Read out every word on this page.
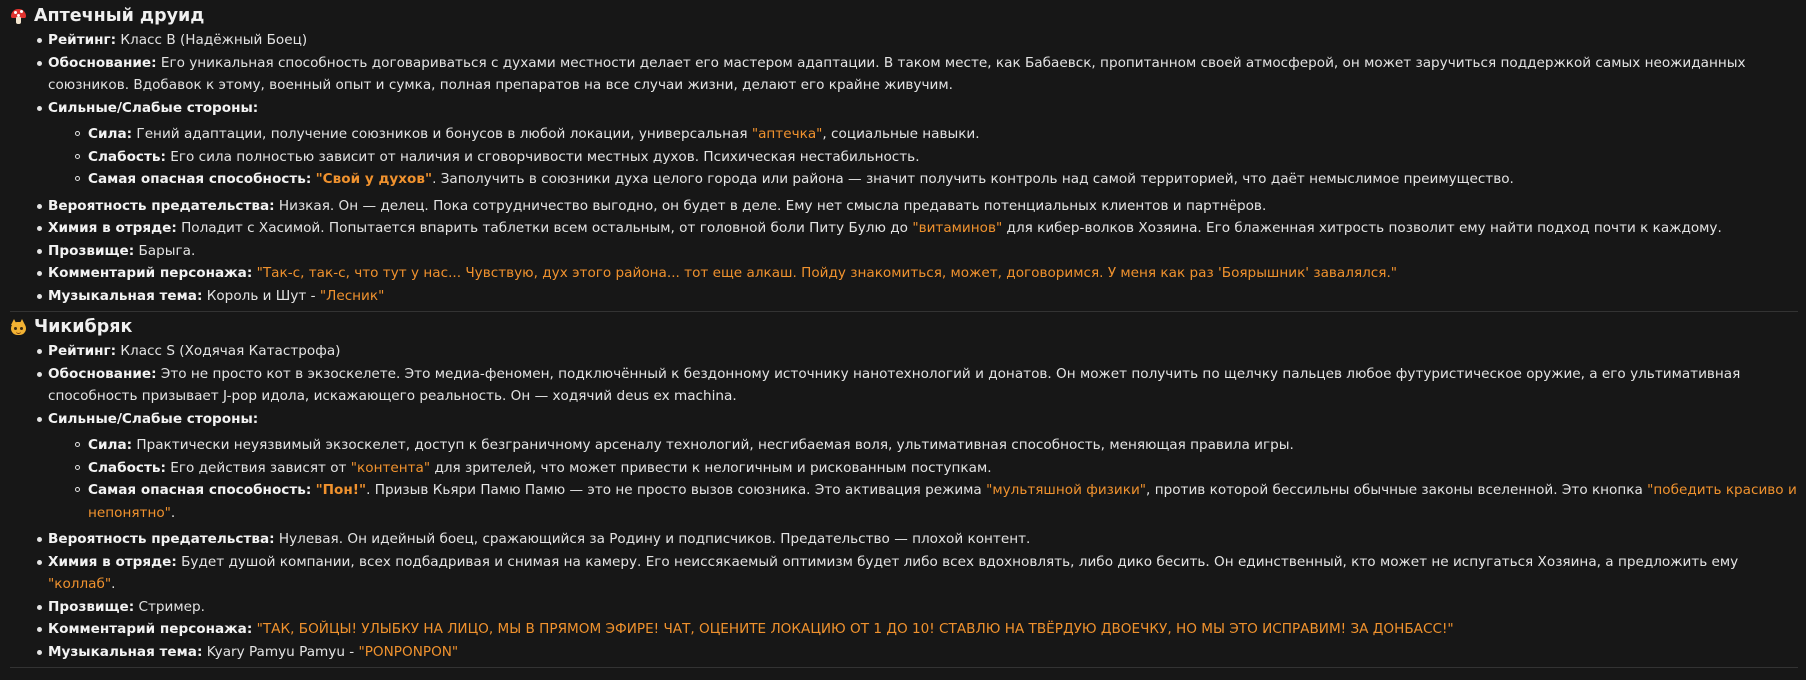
Аптечный друид
Рейтинг: Класс B (Надёжный Боец)
Обоснование: Его уникальная способность договариваться с духами местности делает его мастером адаптации. В таком месте, как Бабаевск, пропитанном своей атмосферой, он может заручиться поддержкой самых неожиданных союзников. Вдобавок к этому, военный опыт и сумка, полная препаратов на все случаи жизни, делают его крайне живучим.
Сильные/Слабые стороны:
Сила: Гений адаптации, получение союзников и бонусов в любой локации, универсальная "аптечка", социальные навыки.
Слабость: Его сила полностью зависит от наличия и сговорчивости местных духов. Психическая нестабильность.
Самая опасная способность: "Свой у духов". Заполучить в союзники духа целого города или района — значит получить контроль над самой территорией, что даёт немыслимое преимущество.
Вероятность предательства: Низкая. Он — делец. Пока сотрудничество выгодно, он будет в деле. Ему нет смысла предавать потенциальных клиентов и партнёров.
Химия в отряде: Поладит с Хасимой. Попытается впарить таблетки всем остальным, от головной боли Питу Булю до "витаминов" для кибер-волков Хозяина. Его блаженная хитрость позволит ему найти подход почти к каждому.
Прозвище: Барыга.
Комментарий персонажа: "Так-с, так-с, что тут у нас... Чувствую, дух этого района... тот еще алкаш. Пойду знакомиться, может, договоримся. У меня как раз 'Боярышник' завалялся."
Музыкальная тема: Король и Шут - "Лесник"
Чикибряк
Рейтинг: Класс S (Ходячая Катастрофа)
Обоснование: Это не просто кот в экзоскелете. Это медиа-феномен, подключённый к бездонному источнику нанотехнологий и донатов. Он может получить по щелчку пальцев любое футуристическое оружие, а его ультимативная способность призывает J-pop идола, искажающего реальность. Он — ходячий deus ex machina.
Сильные/Слабые стороны:
Сила: Практически неуязвимый экзоскелет, доступ к безграничному арсеналу технологий, несгибаемая воля, ультимативная способность, меняющая правила игры.
Слабость: Его действия зависят от "контента" для зрителей, что может привести к нелогичным и рискованным поступкам.
Самая опасная способность: "Пон!". Призыв Кьяри Памю Памю — это не просто вызов союзника. Это активация режима "мультяшной физики", против которой бессильны обычные законы вселенной. Это кнопка "победить красиво и непонятно".
Вероятность предательства: Нулевая. Он идейный боец, сражающийся за Родину и подписчиков. Предательство — плохой контент.
Химия в отряде: Будет душой компании, всех подбадривая и снимая на камеру. Его неиссякаемый оптимизм будет либо всех вдохновлять, либо дико бесить. Он единственный, кто может не испугаться Хозяина, а предложить ему "коллаб".
Прозвище: Стример.
Комментарий персонажа: "ТАК, БОЙЦЫ! УЛЫБКУ НА ЛИЦО, МЫ В ПРЯМОМ ЭФИРЕ! ЧАТ, ОЦЕНИТЕ ЛОКАЦИЮ ОТ 1 ДО 10! СТАВЛЮ НА ТВЁРДУЮ ДВОЕЧКУ, НО МЫ ЭТО ИСПРАВИМ! ЗА ДОНБАСС!"
Музыкальная тема: Kyary Pamyu Pamyu - "PONPONPON"
